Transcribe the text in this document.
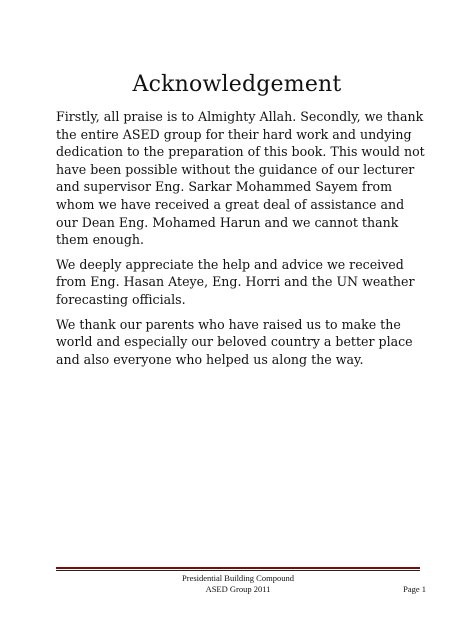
Acknowledgement

Firstly, all praise is to Almighty Allah. Secondly, we thank the entire ASED group for their hard work and undying dedication to the preparation of this book. This would not have been possible without the guidance of our lecturer and supervisor Eng. Sarkar Mohammed Sayem from whom we have received a great deal of assistance and our Dean Eng. Mohamed Harun and we cannot thank them enough.

We deeply appreciate the help and advice we received from Eng. Hasan Ateye, Eng. Horri and the UN weather forecasting officials.

We thank our parents who have raised us to make the world and especially our beloved country a better place and also everyone who helped us along the way.

Presidential Building Compound
ASED Group 2011	Page 1
